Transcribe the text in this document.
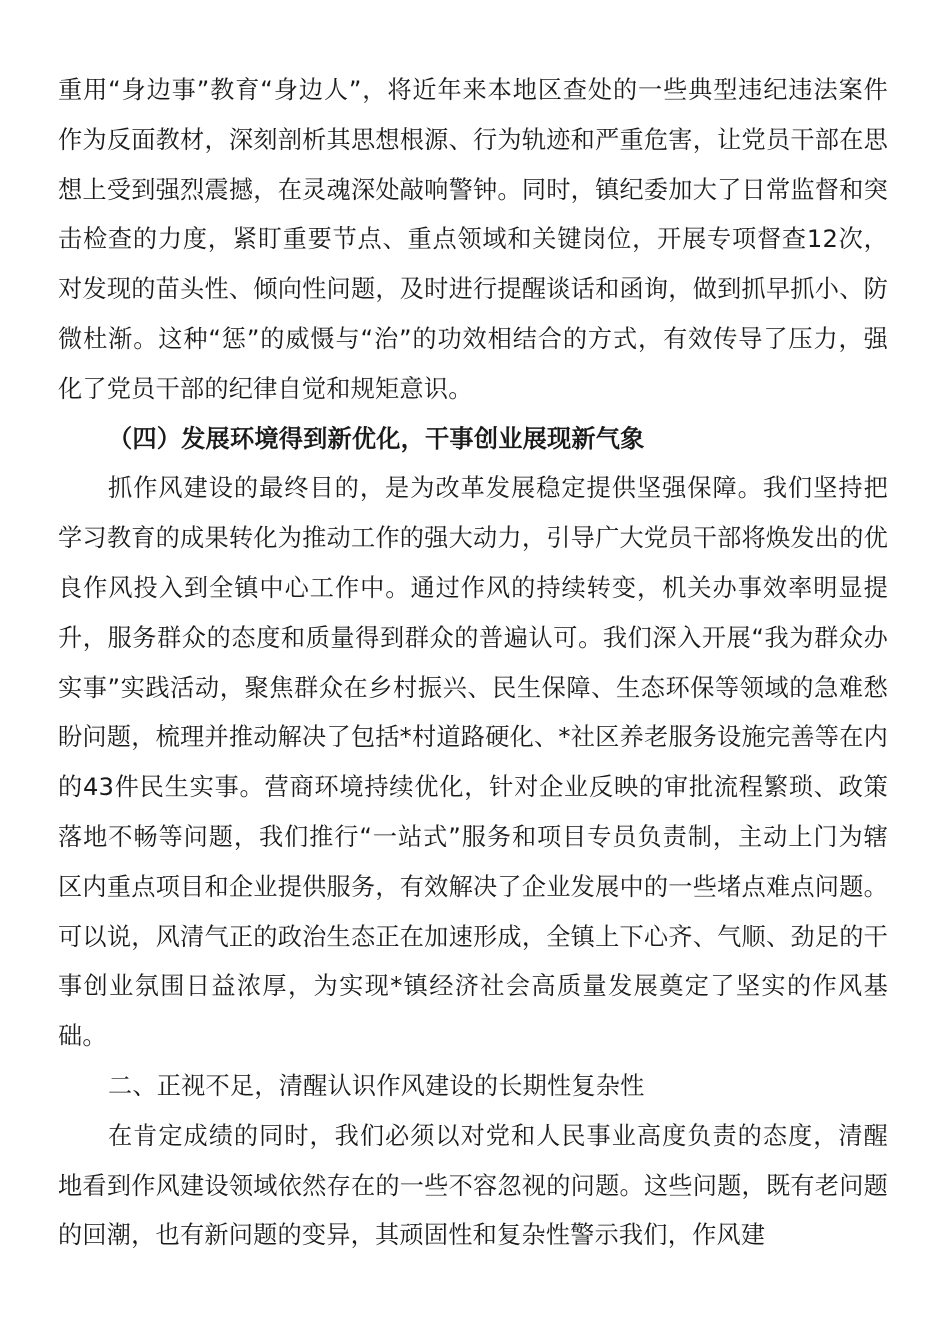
重用“身边事”教育“身边人”，将近年来本地区查处的一些典型违纪违法案件作为反面教材，深刻剖析其思想根源、行为轨迹和严重危害，让党员干部在思想上受到强烈震撼，在灵魂深处敲响警钟。同时，镇纪委加大了日常监督和突击检查的力度，紧盯重要节点、重点领域和关键岗位，开展专项督查12次，对发现的苗头性、倾向性问题，及时进行提醒谈话和函询，做到抓早抓小、防微杜渐。这种“惩”的威慑与“治”的功效相结合的方式，有效传导了压力，强化了党员干部的纪律自觉和规矩意识。

（四）发展环境得到新优化，干事创业展现新气象

抓作风建设的最终目的，是为改革发展稳定提供坚强保障。我们坚持把学习教育的成果转化为推动工作的强大动力，引导广大党员干部将焕发出的优良作风投入到全镇中心工作中。通过作风的持续转变，机关办事效率明显提升，服务群众的态度和质量得到群众的普遍认可。我们深入开展“我为群众办实事”实践活动，聚焦群众在乡村振兴、民生保障、生态环保等领域的急难愁盼问题，梳理并推动解决了包括*村道路硬化、*社区养老服务设施完善等在内的43件民生实事。营商环境持续优化，针对企业反映的审批流程繁琐、政策落地不畅等问题，我们推行“一站式”服务和项目专员负责制，主动上门为辖区内重点项目和企业提供服务，有效解决了企业发展中的一些堵点难点问题。可以说，风清气正的政治生态正在加速形成，全镇上下心齐、气顺、劲足的干事创业氛围日益浓厚，为实现*镇经济社会高质量发展奠定了坚实的作风基础。

二、正视不足，清醒认识作风建设的长期性复杂性

在肯定成绩的同时，我们必须以对党和人民事业高度负责的态度，清醒地看到作风建设领域依然存在的一些不容忽视的问题。这些问题，既有老问题的回潮，也有新问题的变异，其顽固性和复杂性警示我们，作风建
